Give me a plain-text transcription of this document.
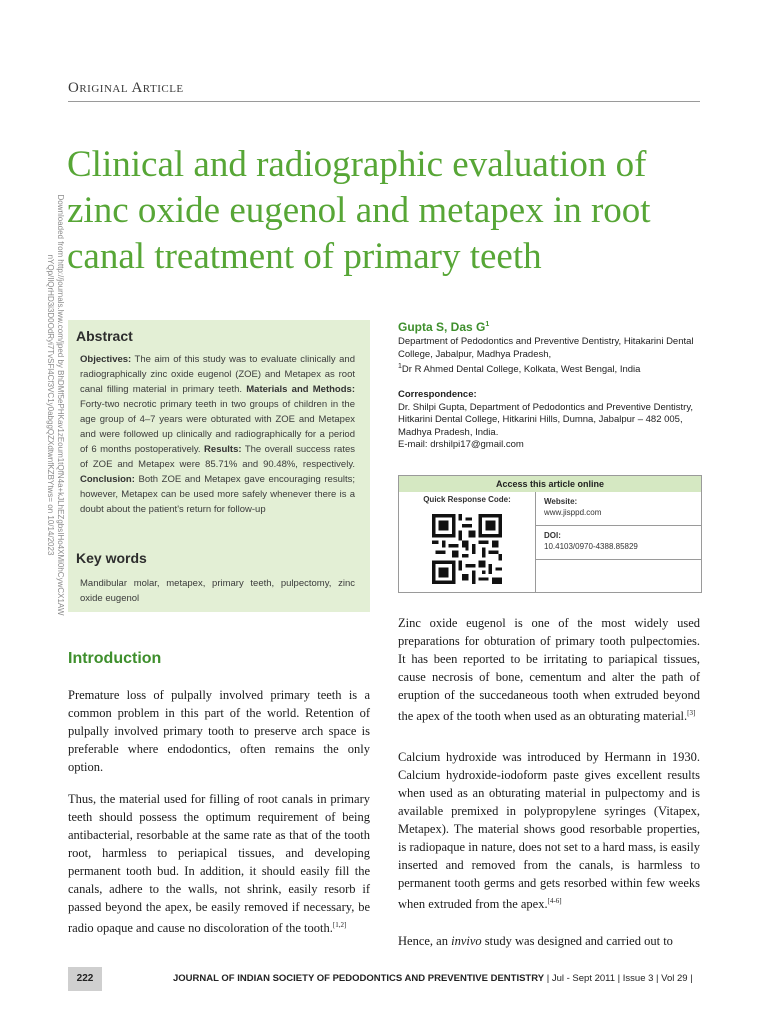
Original Article
Clinical and radiographic evaluation of zinc oxide eugenol and metapex in root canal treatment of primary teeth
Downloaded from http://journals.lww.com/jped by BhDMf5ePHKav1zEoum1tQfN4a+kJLhEZgbsIHo4XMi0hCywCX1AW nYQp/IlQrHD3i3D0OdRyi7TvSFl4Cf3VC1y0abggQZXdtwnfKZBYtws= on 10/14/2023	Abstract
Objectives: The aim of this study was to evaluate clinically and radiographically zinc oxide eugenol (ZOE) and Metapex as root canal filling material in primary teeth. Materials and Methods: Forty-two necrotic primary teeth in two groups of children in the age group of 4–7 years were obturated with ZOE and Metapex and were followed up clinically and radiographically for a period of 6 months postoperatively. Results: The overall success rates of ZOE and Metapex were 85.71% and 90.48%, respectively. Conclusion: Both ZOE and Metapex gave encouraging results; however, Metapex can be used more safely whenever there is a doubt about the patient's return for follow-up
Key words
Mandibular molar, metapex, primary teeth, pulpectomy, zinc oxide eugenol
Gupta S, Das $G^1$
Department of Pedodontics and Preventive Dentistry, Hitakarini Dental College, Jabalpur, Madhya Pradesh,
$^1$Dr R Ahmed Dental College, Kolkata, West Bengal, India
Correspondence:
Dr. Shilpi Gupta, Department of Pedodontics and Preventive Dentistry, Hitkarini Dental College, Hitkarini Hills, Dumna, Jabalpur – 482 005, Madhya Pradesh, India.
E-mail: drshilpi17@gmail.com
Access this article online
Quick Response Code:	Website:
www.jisppd.com
DOI:
10.4103/0970-4388.85829
Introduction
Premature loss of pulpally involved primary teeth is a common problem in this part of the world. Retention of pulpally involved primary tooth to preserve arch space is preferable where endodontics, often remains the only option.
Thus, the material used for filling of root canals in primary teeth should possess the optimum requirement of being antibacterial, resorbable at the same rate as that of the tooth root, harmless to periapical tissues, and developing permanent tooth bud. In addition, it should easily fill the canals, adhere to the walls, not shrink, easily resorb if passed beyond the apex, be easily removed if necessary, be radio opaque and cause no discoloration of the tooth.[1,2]
Zinc oxide eugenol is one of the most widely used preparations for obturation of primary tooth pulpectomies. It has been reported to be irritating to pariapical tissues, cause necrosis of bone, cementum and alter the path of eruption of the succedaneous tooth when extruded beyond the apex of the tooth when used as an obturating material.[3]
Calcium hydroxide was introduced by Hermann in 1930. Calcium hydroxide-iodoform paste gives excellent results when used as an obturating material in pulpectomy and is available premixed in polypropylene syringes (Vitapex, Metapex). The material shows good resorbable properties, is radiopaque in nature, does not set to a hard mass, is easily inserted and removed from the canals, is harmless to permanent tooth germs and gets resorbed within few weeks when extruded from the apex.[4-6]
Hence, an invivo study was designed and carried out to
222	JOURNAL OF INDIAN SOCIETY OF PEDODONTICS AND PREVENTIVE DENTISTRY | Jul - Sept 2011 | Issue 3 | Vol 29 |
